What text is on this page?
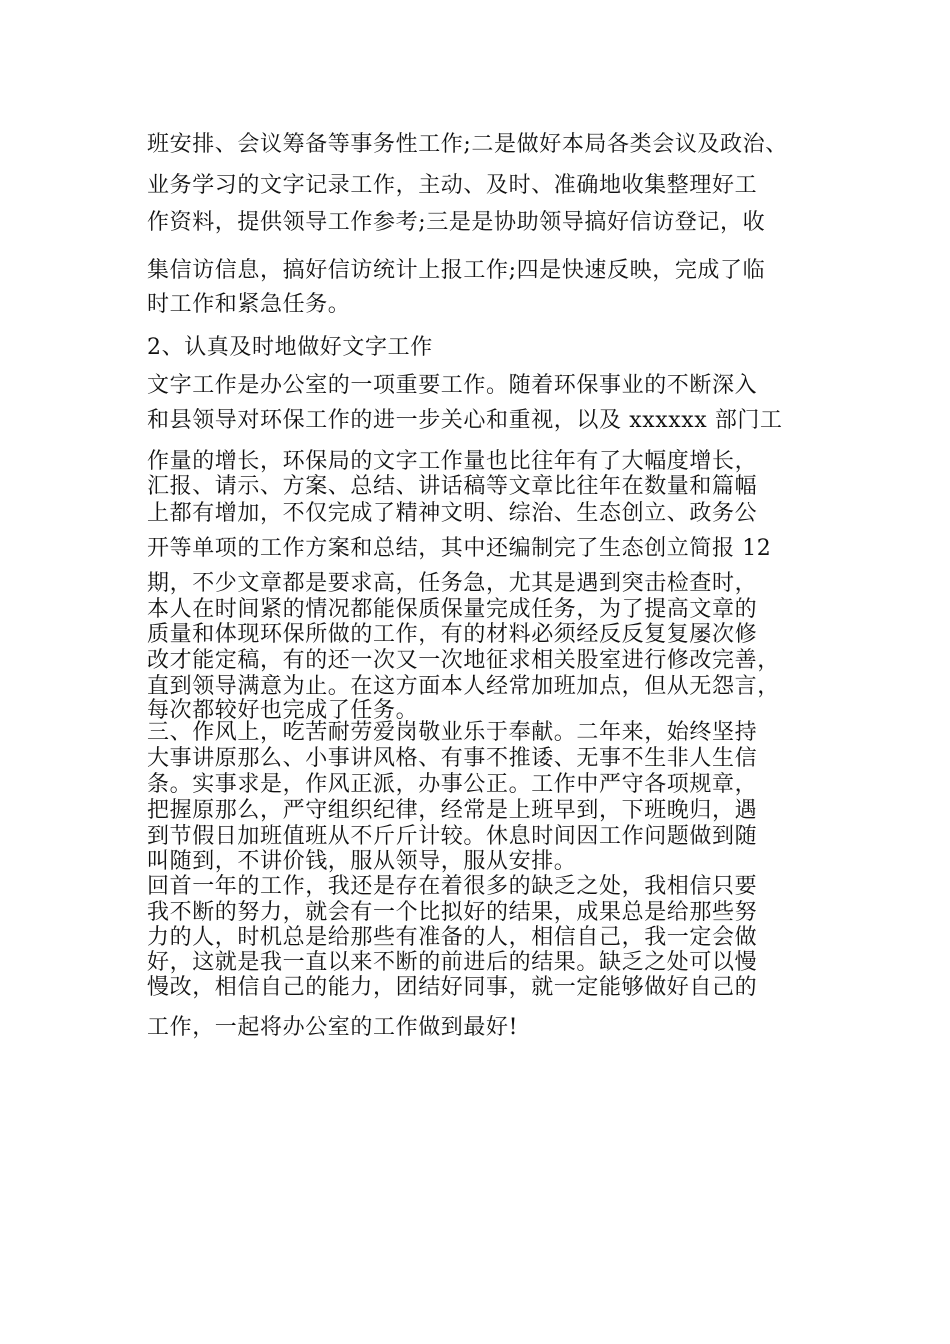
班安排、会议筹备等事务性工作;二是做好本局各类会议及政治、

业务学习的文字记录工作，主动、及时、准确地收集整理好工

作资料，提供领导工作参考;三是是协助领导搞好信访登记，收

集信访信息，搞好信访统计上报工作;四是快速反映，完成了临

时工作和紧急任务。

2、认真及时地做好文字工作

文字工作是办公室的一项重要工作。随着环保事业的不断深入

和县领导对环保工作的进一步关心和重视，以及 xxxxxx 部门工

作量的增长，环保局的文字工作量也比往年有了大幅度增长，

汇报、请示、方案、总结、讲话稿等文章比往年在数量和篇幅

上都有增加，不仅完成了精神文明、综治、生态创立、政务公

开等单项的工作方案和总结，其中还编制完了生态创立简报 12

期，不少文章都是要求高，任务急，尤其是遇到突击检查时，

本人在时间紧的情况都能保质保量完成任务，为了提高文章的

质量和体现环保所做的工作，有的材料必须经反反复复屡次修

改才能定稿，有的还一次又一次地征求相关股室进行修改完善，

直到领导满意为止。在这方面本人经常加班加点，但从无怨言，

每次都较好也完成了任务。

三、作风上，吃苦耐劳爱岗敬业乐于奉献。二年来，始终坚持

大事讲原那么、小事讲风格、有事不推诿、无事不生非人生信

条。实事求是，作风正派，办事公正。工作中严守各项规章，

把握原那么，严守组织纪律，经常是上班早到，下班晚归，遇

到节假日加班值班从不斤斤计较。休息时间因工作问题做到随

叫随到，不讲价钱，服从领导，服从安排。

回首一年的工作，我还是存在着很多的缺乏之处，我相信只要

我不断的努力，就会有一个比拟好的结果，成果总是给那些努

力的人，时机总是给那些有准备的人，相信自己，我一定会做

好，这就是我一直以来不断的前进后的结果。缺乏之处可以慢

慢改，相信自己的能力，团结好同事，就一定能够做好自己的

工作，一起将办公室的工作做到最好!
